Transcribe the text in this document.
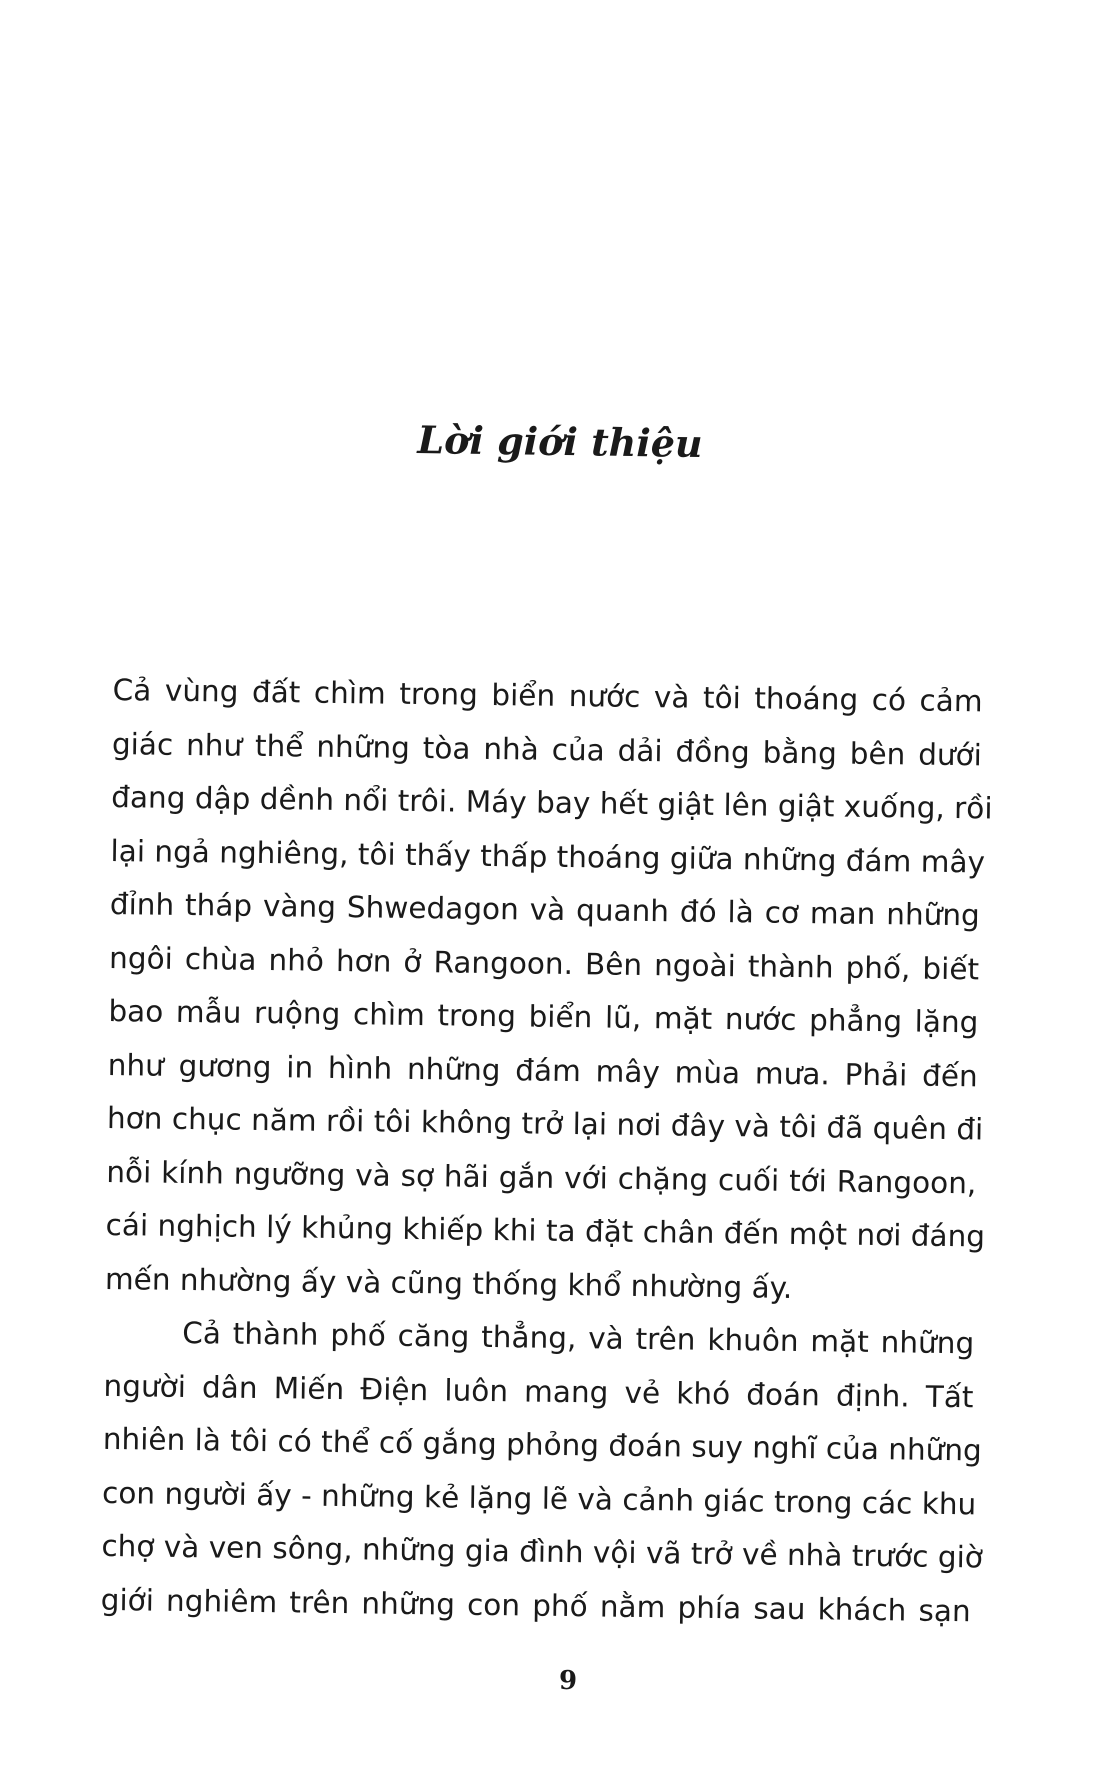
Lời giới thiệu
Cả vùng đất chìm trong biển nước và tôi thoáng có cảm
giác như thể những tòa nhà của dải đồng bằng bên dưới
đang dập dềnh nổi trôi. Máy bay hết giật lên giật xuống, rồi
lại ngả nghiêng, tôi thấy thấp thoáng giữa những đám mây
đỉnh tháp vàng Shwedagon và quanh đó là cơ man những
ngôi chùa nhỏ hơn ở Rangoon. Bên ngoài thành phố, biết
bao mẫu ruộng chìm trong biển lũ, mặt nước phẳng lặng
như gương in hình những đám mây mùa mưa. Phải đến
hơn chục năm rồi tôi không trở lại nơi đây và tôi đã quên đi
nỗi kính ngưỡng và sợ hãi gắn với chặng cuối tới Rangoon,
cái nghịch lý khủng khiếp khi ta đặt chân đến một nơi đáng
mến nhường ấy và cũng thống khổ nhường ấy.
Cả thành phố căng thẳng, và trên khuôn mặt những
người dân Miến Điện luôn mang vẻ khó đoán định. Tất
nhiên là tôi có thể cố gắng phỏng đoán suy nghĩ của những
con người ấy - những kẻ lặng lẽ và cảnh giác trong các khu
chợ và ven sông, những gia đình vội vã trở về nhà trước giờ
giới nghiêm trên những con phố nằm phía sau khách sạn
9
